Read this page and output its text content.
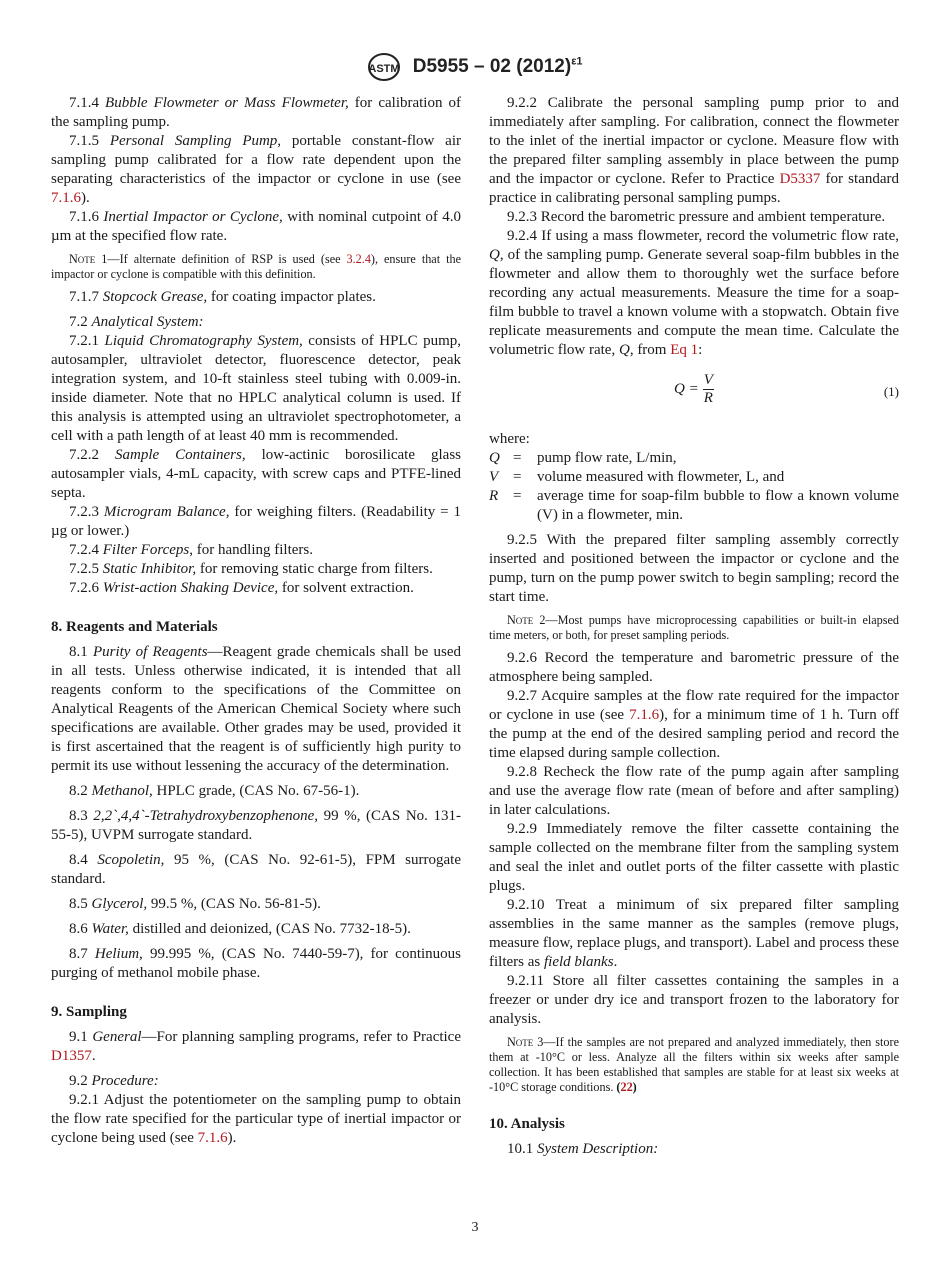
ASTM D5955 – 02 $(2012)^{\varepsilon 1}$

7.1.4 Bubble Flowmeter or Mass Flowmeter, for calibration of the sampling pump.

7.1.5 Personal Sampling Pump, portable constant-flow air sampling pump calibrated for a flow rate dependent upon the separating characteristics of the impactor or cyclone in use (see 7.1.6).

7.1.6 Inertial Impactor or Cyclone, with nominal cutpoint of 4.0 µm at the specified flow rate.

Note 1—If alternate definition of RSP is used (see 3.2.4), ensure that the impactor or cyclone is compatible with this definition.

7.1.7 Stopcock Grease, for coating impactor plates.

7.2 Analytical System:

7.2.1 Liquid Chromatography System, consists of HPLC pump, autosampler, ultraviolet detector, fluorescence detector, peak integration system, and 10-ft stainless steel tubing with 0.009-in. inside diameter. Note that no HPLC analytical column is used. If this analysis is attempted using an ultraviolet spectrophotometer, a cell with a path length of at least 40 mm is recommended.

7.2.2 Sample Containers, low-actinic borosilicate glass autosampler vials, 4-mL capacity, with screw caps and PTFE-lined septa.

7.2.3 Microgram Balance, for weighing filters. (Readability = 1 µg or lower.)

7.2.4 Filter Forceps, for handling filters.

7.2.5 Static Inhibitor, for removing static charge from filters.

7.2.6 Wrist-action Shaking Device, for solvent extraction.

8. Reagents and Materials

8.1 Purity of Reagents—Reagent grade chemicals shall be used in all tests. Unless otherwise indicated, it is intended that all reagents conform to the specifications of the Committee on Analytical Reagents of the American Chemical Society where such specifications are available. Other grades may be used, provided it is first ascertained that the reagent is of sufficiently high purity to permit its use without lessening the accuracy of the determination.

8.2 Methanol, HPLC grade, (CAS No. 67-56-1).

8.3 2,2`,4,4`-Tetrahydroxybenzophenone, 99 %, (CAS No. 131-55-5), UVPM surrogate standard.

8.4 Scopoletin, 95 %, (CAS No. 92-61-5), FPM surrogate standard.

8.5 Glycerol, 99.5 %, (CAS No. 56-81-5).

8.6 Water, distilled and deionized, (CAS No. 7732-18-5).

8.7 Helium, 99.995 %, (CAS No. 7440-59-7), for continuous purging of methanol mobile phase.

9. Sampling

9.1 General—For planning sampling programs, refer to Practice D1357.

9.2 Procedure:

9.2.1 Adjust the potentiometer on the sampling pump to obtain the flow rate specified for the particular type of inertial impactor or cyclone being used (see 7.1.6).

9.2.2 Calibrate the personal sampling pump prior to and immediately after sampling. For calibration, connect the flowmeter to the inlet of the inertial impactor or cyclone. Measure flow with the prepared filter sampling assembly in place between the pump and the impactor or cyclone. Refer to Practice D5337 for standard practice in calibrating personal sampling pumps.

9.2.3 Record the barometric pressure and ambient temperature.

9.2.4 If using a mass flowmeter, record the volumetric flow rate, Q, of the sampling pump. Generate several soap-film bubbles in the flowmeter and allow them to thoroughly wet the surface before recording any actual measurements. Measure the time for a soap-film bubble to travel a known volume with a stopwatch. Obtain five replicate measurements and compute the mean time. Calculate the volumetric flow rate, Q, from Eq 1:

$Q = \frac{V}{R}$	(1)

where:

Q =	pump flow rate, L/min,
V =	volume measured with flowmeter, L, and
R =	average time for soap-film bubble to flow a known volume (V) in a flowmeter, min.

9.2.5 With the prepared filter sampling assembly correctly inserted and positioned between the impactor or cyclone and the pump, turn on the pump power switch to begin sampling; record the start time.

Note 2—Most pumps have microprocessing capabilities or built-in elapsed time meters, or both, for preset sampling periods.

9.2.6 Record the temperature and barometric pressure of the atmosphere being sampled.

9.2.7 Acquire samples at the flow rate required for the impactor or cyclone in use (see 7.1.6), for a minimum time of 1 h. Turn off the pump at the end of the desired sampling period and record the time elapsed during sample collection.

9.2.8 Recheck the flow rate of the pump again after sampling and use the average flow rate (mean of before and after sampling) in later calculations.

9.2.9 Immediately remove the filter cassette containing the sample collected on the membrane filter from the sampling system and seal the inlet and outlet ports of the filter cassette with plastic plugs.

9.2.10 Treat a minimum of six prepared filter sampling assemblies in the same manner as the samples (remove plugs, measure flow, replace plugs, and transport). Label and process these filters as field blanks.

9.2.11 Store all filter cassettes containing the samples in a freezer or under dry ice and transport frozen to the laboratory for analysis.

Note 3—If the samples are not prepared and analyzed immediately, then store them at -10°C or less. Analyze all the filters within six weeks after sample collection. It has been established that samples are stable for at least six weeks at -10°C storage conditions. (22)

10. Analysis

10.1 System Description:

3
